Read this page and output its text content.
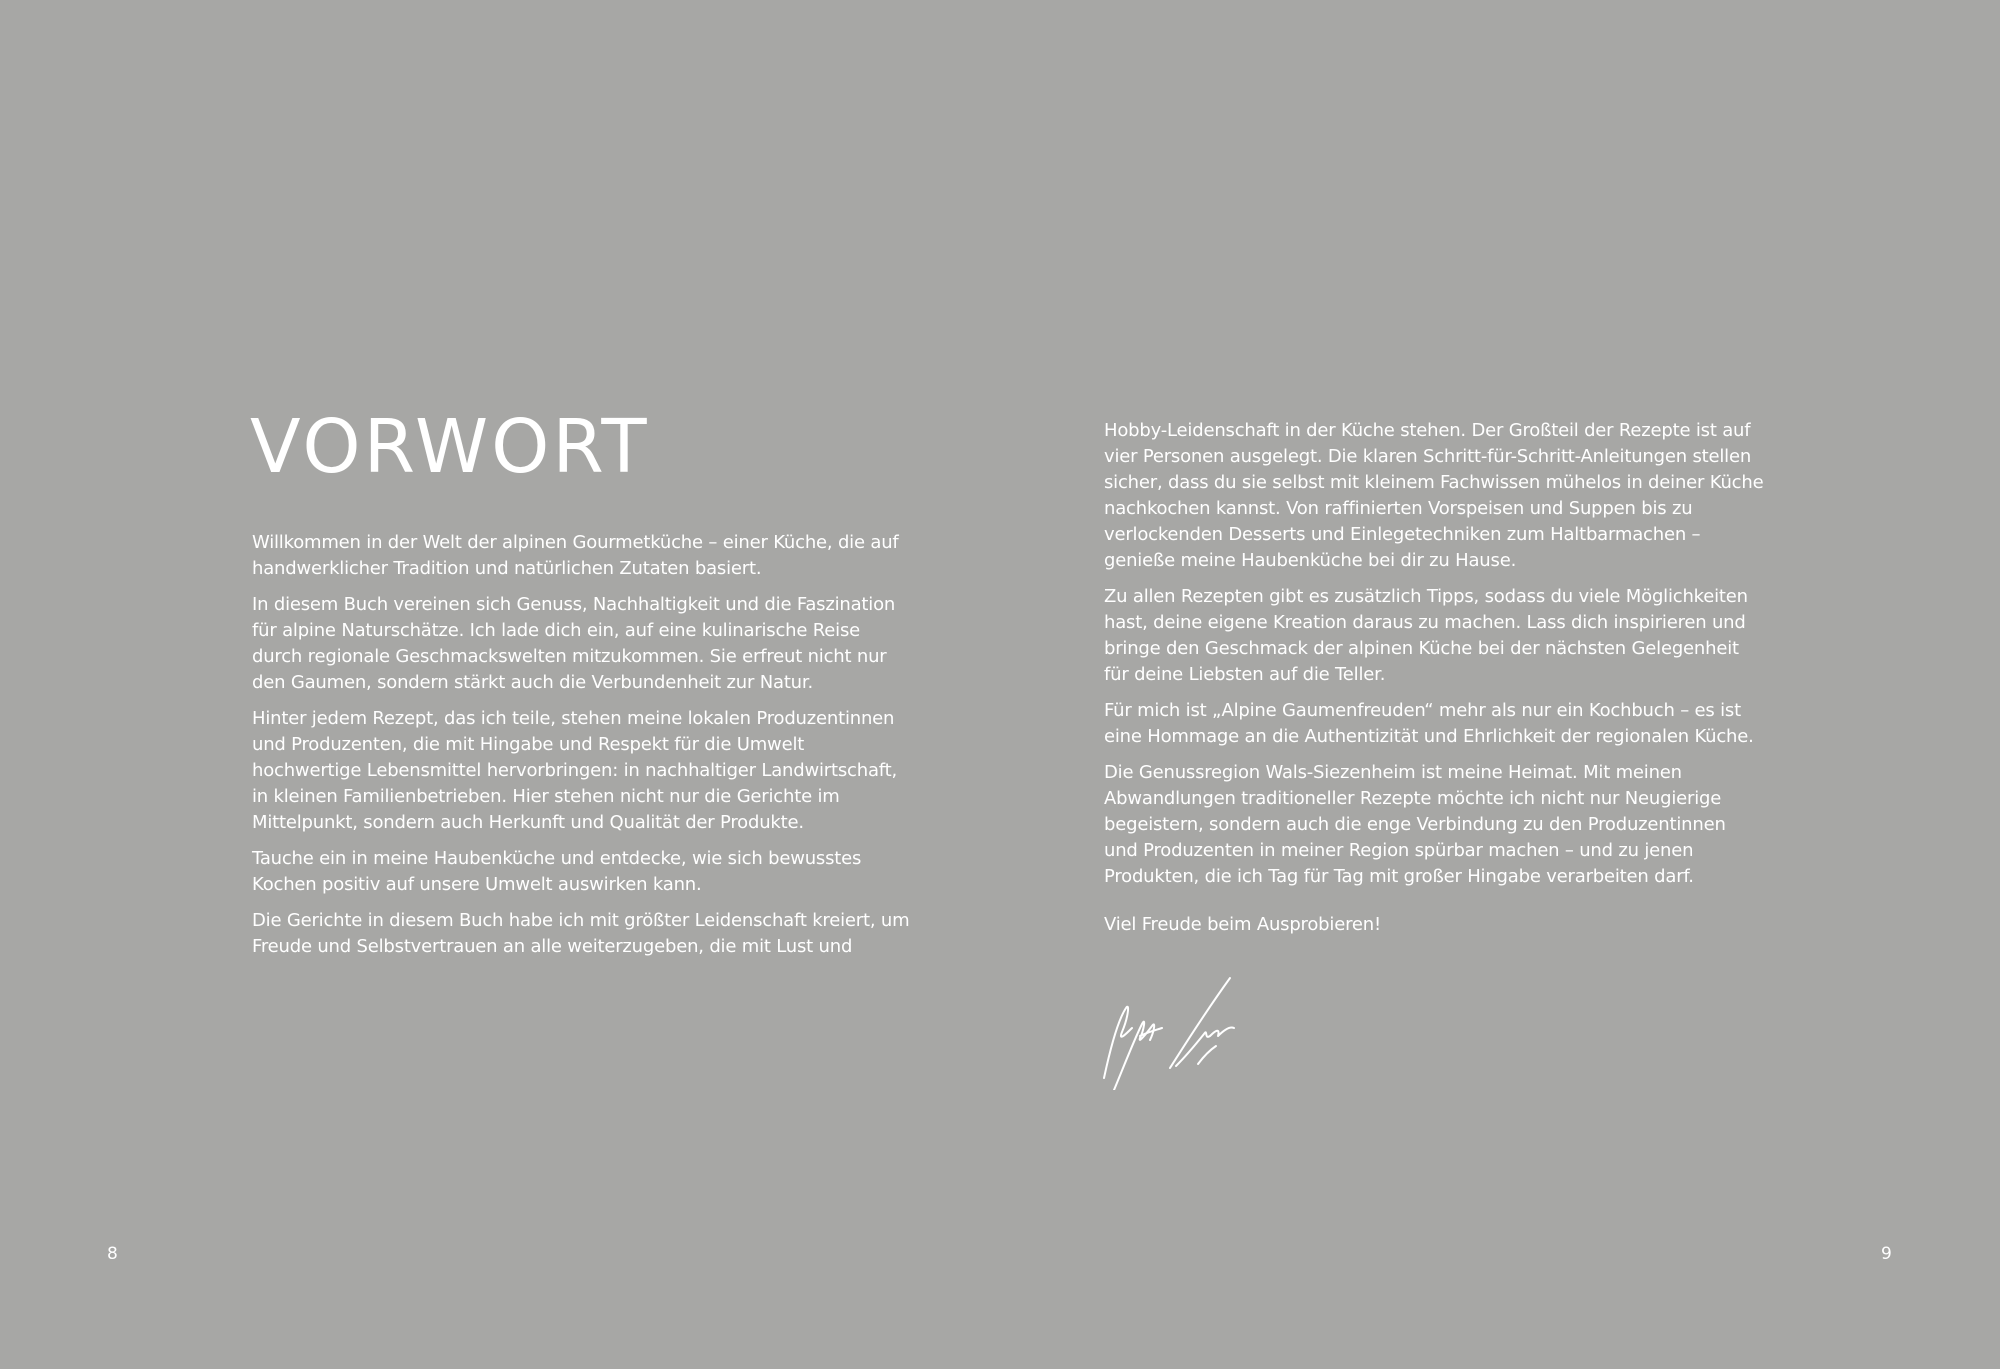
VORWORT

Willkommen in der Welt der alpinen Gourmetküche – einer Küche, die auf handwerklicher Tradition und natürlichen Zutaten basiert.

In diesem Buch vereinen sich Genuss, Nachhaltigkeit und die Faszination für alpine Naturschätze. Ich lade dich ein, auf eine kulinarische Reise durch regionale Geschmackswelten mitzukommen. Sie erfreut nicht nur den Gaumen, sondern stärkt auch die Verbundenheit zur Natur.

Hinter jedem Rezept, das ich teile, stehen meine lokalen Produzentinnen und Produzenten, die mit Hingabe und Respekt für die Umwelt hochwertige Lebensmittel hervorbringen: in nachhaltiger Landwirtschaft, in kleinen Familienbetrieben. Hier stehen nicht nur die Gerichte im Mittelpunkt, sondern auch Herkunft und Qualität der Produkte.

Tauche ein in meine Haubenküche und entdecke, wie sich bewusstes Kochen positiv auf unsere Umwelt auswirken kann.

Die Gerichte in diesem Buch habe ich mit größter Leidenschaft kreiert, um Freude und Selbstvertrauen an alle weiterzugeben, die mit Lust und

8

Hobby-Leidenschaft in der Küche stehen. Der Großteil der Rezepte ist auf vier Personen ausgelegt. Die klaren Schritt-für-Schritt-Anleitungen stellen sicher, dass du sie selbst mit kleinem Fachwissen mühelos in deiner Küche nachkochen kannst. Von raffinierten Vorspeisen und Suppen bis zu verlockenden Desserts und Einlegetechniken zum Haltbarmachen – genieße meine Haubenküche bei dir zu Hause.

Zu allen Rezepten gibt es zusätzlich Tipps, sodass du viele Möglichkeiten hast, deine eigene Kreation daraus zu machen. Lass dich inspirieren und bringe den Geschmack der alpinen Küche bei der nächsten Gelegenheit für deine Liebsten auf die Teller.

Für mich ist „Alpine Gaumenfreuden“ mehr als nur ein Kochbuch – es ist eine Hommage an die Authentizität und Ehrlichkeit der regionalen Küche.

Die Genussregion Wals-Siezenheim ist meine Heimat. Mit meinen Abwandlungen traditioneller Rezepte möchte ich nicht nur Neugierige begeistern, sondern auch die enge Verbindung zu den Produzentinnen und Produzenten in meiner Region spürbar machen – und zu jenen Produkten, die ich Tag für Tag mit großer Hingabe verarbeiten darf.

Viel Freude beim Ausprobieren!

9
